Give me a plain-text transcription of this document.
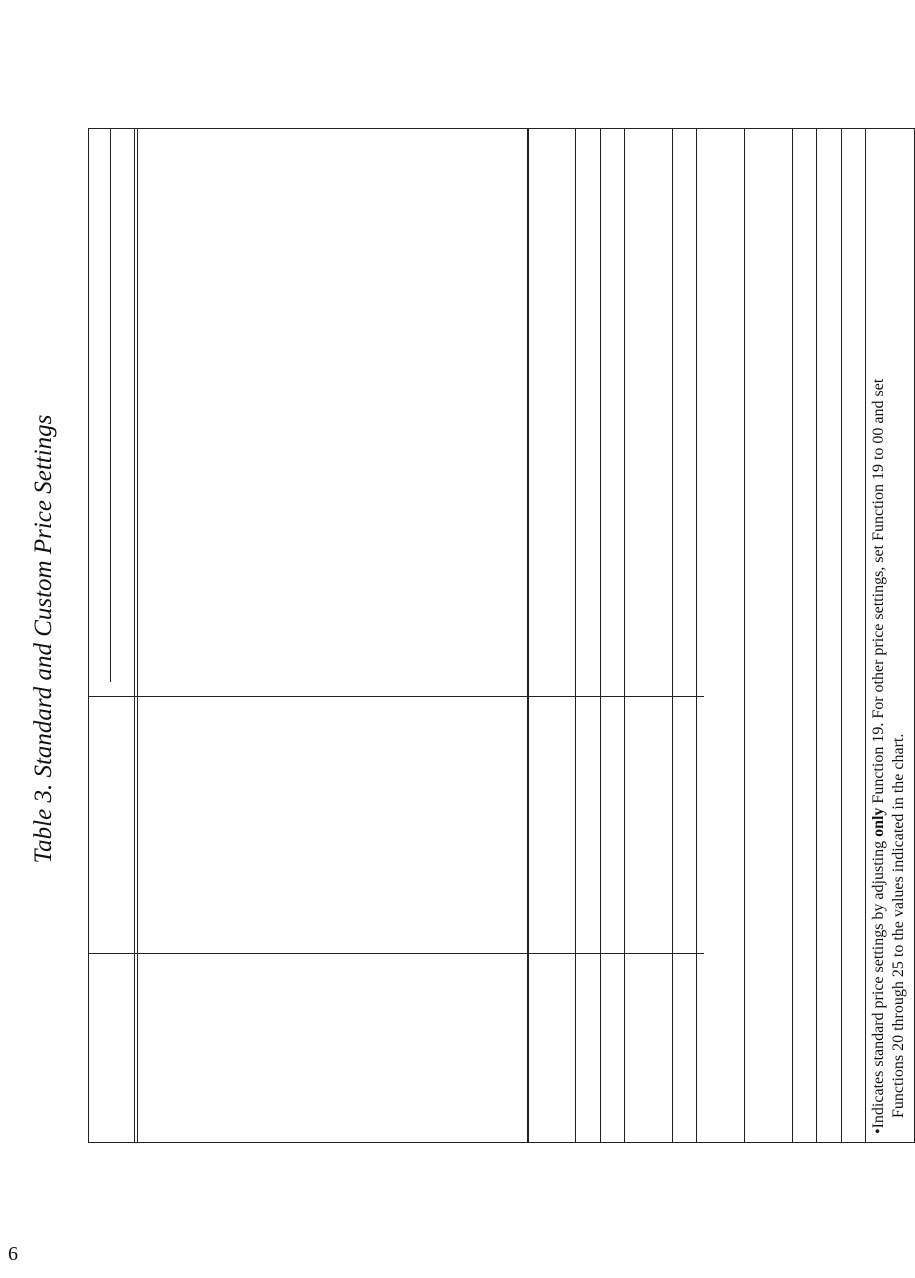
6
Table 3. Standard and Custom Price Settings
•Indicates standard price settings by adjusting only Function 19. For other price settings, set Function 19 to 00 and set
Functions 20 through 25 to the values indicated in the chart.
